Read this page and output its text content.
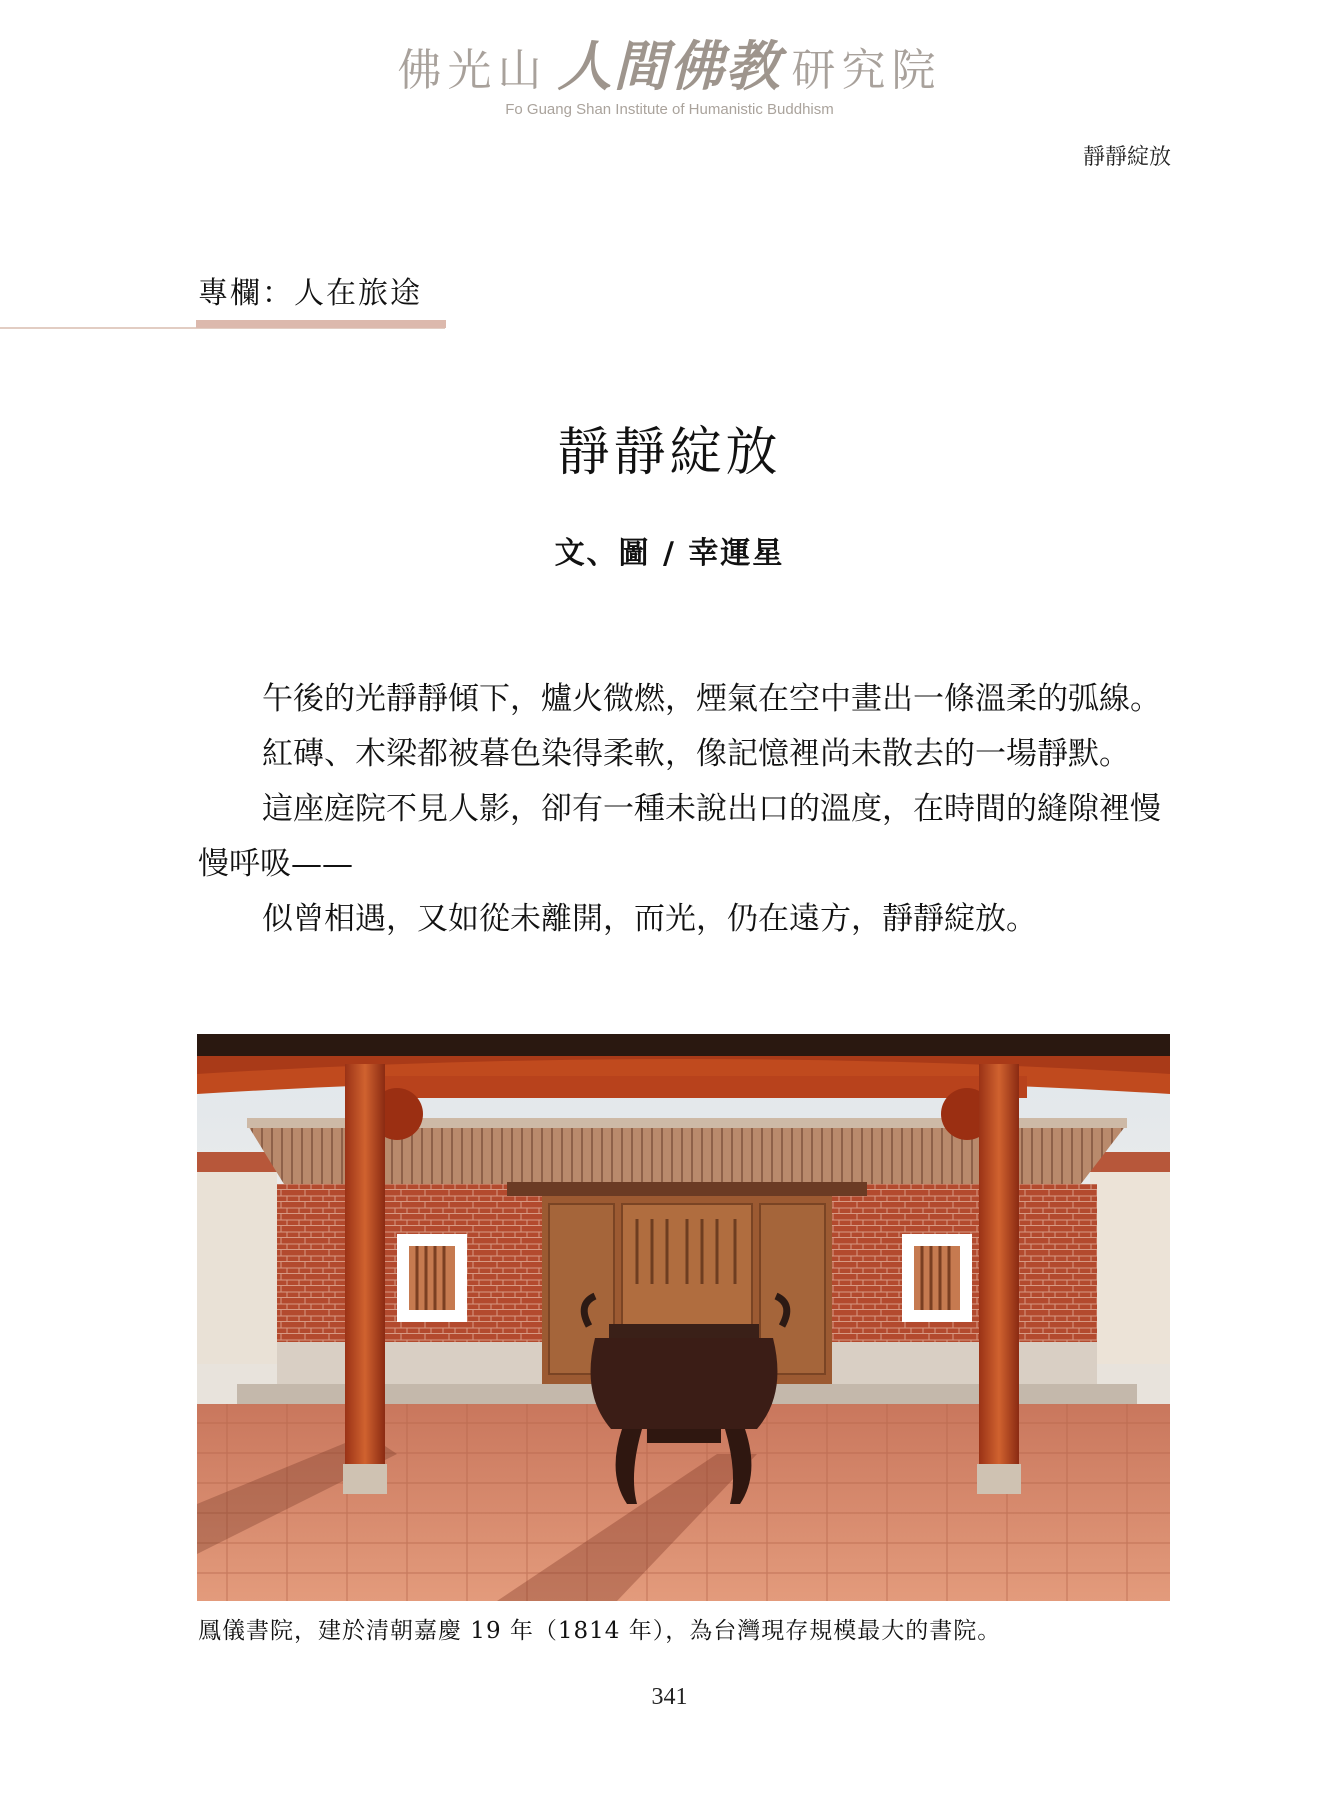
佛光山 人間佛教 研究院
Fo Guang Shan Institute of Humanistic Buddhism
靜靜綻放
專欄：人在旅途
靜靜綻放
文、圖 / 幸運星

午後的光靜靜傾下，爐火微燃，煙氣在空中畫出一條溫柔的弧線。

紅磚、木梁都被暮色染得柔軟，像記憶裡尚未散去的一場靜默。

這座庭院不見人影，卻有一種未說出口的溫度，在時間的縫隙裡慢慢呼吸——

似曾相遇，又如從未離開，而光，仍在遠方，靜靜綻放。

鳳儀書院，建於清朝嘉慶 19 年（1814 年），為台灣現存規模最大的書院。
341
